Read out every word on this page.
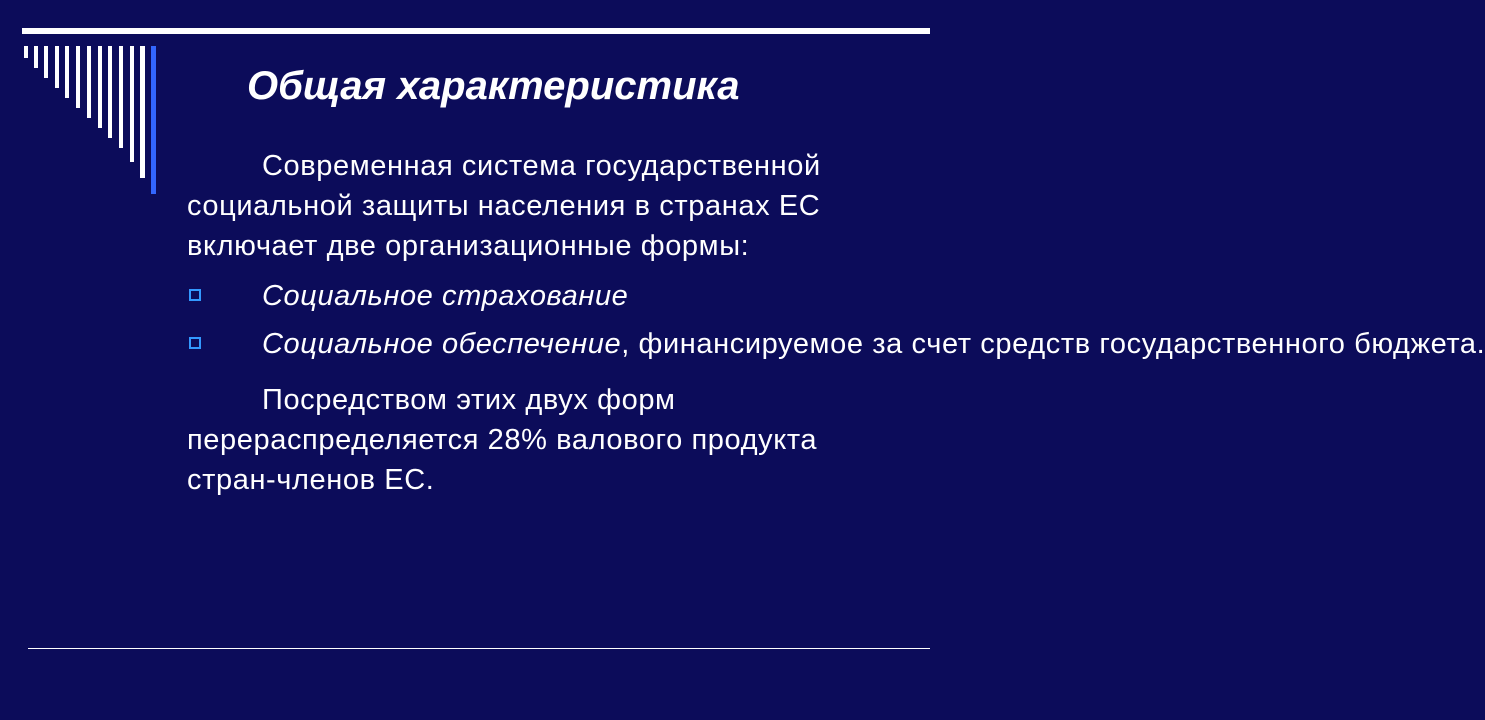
Общая характеристика

Современная система государственной социальной защиты населения в странах ЕС включает две организационные формы:

Социальное страхование
Социальное обеспечение, финансируемое за счет средств государственного бюджета.

Посредством этих двух форм перераспределяется 28% валового продукта стран-членов ЕС.
